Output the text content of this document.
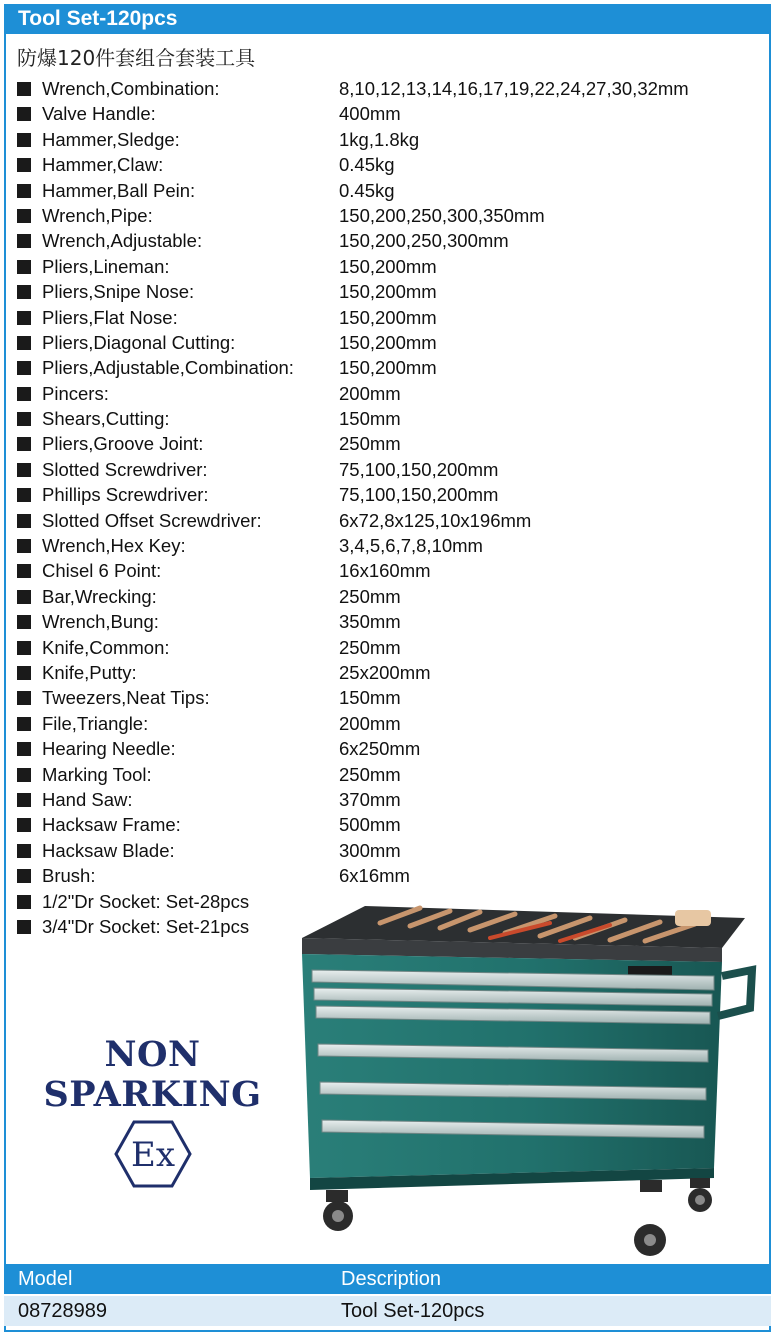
Tool Set-120pcs
防爆120件套组合套装工具
Wrench,Combination:	8,10,12,13,14,16,17,19,22,24,27,30,32mm
Valve Handle:	400mm
Hammer,Sledge:	1kg,1.8kg
Hammer,Claw:	0.45kg
Hammer,Ball Pein:	0.45kg
Wrench,Pipe:	150,200,250,300,350mm
Wrench,Adjustable:	150,200,250,300mm
Pliers,Lineman:	150,200mm
Pliers,Snipe Nose:	150,200mm
Pliers,Flat Nose:	150,200mm
Pliers,Diagonal Cutting:	150,200mm
Pliers,Adjustable,Combination: 150,200mm
Pincers:	200mm
Shears,Cutting:	150mm
Pliers,Groove Joint:	250mm
Slotted Screwdriver:	75,100,150,200mm
Phillips Screwdriver:	75,100,150,200mm
Slotted Offset Screwdriver:	6x72,8x125,10x196mm
Wrench,Hex Key:	3,4,5,6,7,8,10mm
Chisel 6 Point:	16x160mm
Bar,Wrecking:	250mm
Wrench,Bung:	350mm
Knife,Common:	250mm
Knife,Putty:	25x200mm
Tweezers,Neat Tips:	150mm
File,Triangle:	200mm
Hearing Needle:	6x250mm
Marking Tool:	250mm
Hand Saw:	370mm
Hacksaw Frame:	500mm
Hacksaw Blade:	300mm
Brush:	6x16mm
1/2"Dr Socket: Set-28pcs
3/4"Dr Socket: Set-21pcs
NON
SPARKING
Ex
Model	Description
08728989	Tool Set-120pcs
